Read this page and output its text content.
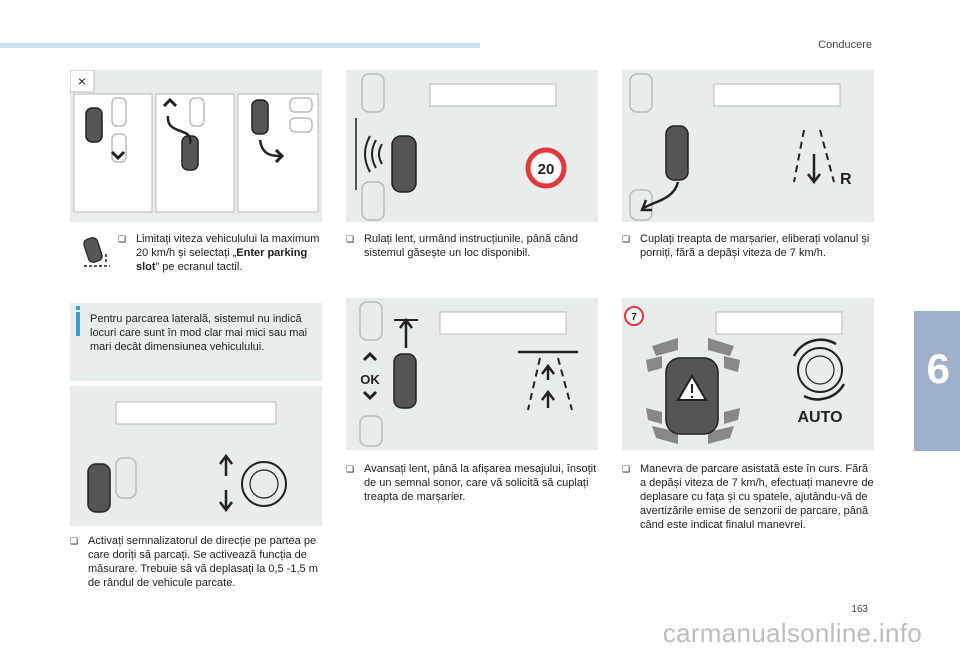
Conducere
6
×
20
R
❑ Limitați viteza vehiculului la maximum 20 km/h și selectați „Enter parking slot” pe ecranul tactil.
Pentru parcarea laterală, sistemul nu indică locuri care sunt în mod clar mai mici sau mai mari decât dimensiunea vehiculului.
❑ Rulați lent, urmând instrucțiunile, până când sistemul găsește un loc disponibil.
❑ Cuplați treapta de marșarier, eliberați volanul și porniți, fără a depăși viteza de 7 km/h.
❑ Activați semnalizatorul de direcție pe partea pe care doriți să parcați. Se activează funcția de măsurare. Trebuie să vă deplasați la 0,5 -1,5 m de rândul de vehicule parcate.
OK
❑ Avansați lent, până la afișarea mesajului, însoțit de un semnal sonor, care vă solicită să cuplați treapta de marșarier.
7
AUTO
❑ Manevra de parcare asistată este în curs. Fără a depăși viteza de 7 km/h, efectuați manevre de deplasare cu fața și cu spatele, ajutându-vă de avertizările emise de senzorii de parcare, până când este indicat finalul manevrei.
163
carmanualsonline.info
